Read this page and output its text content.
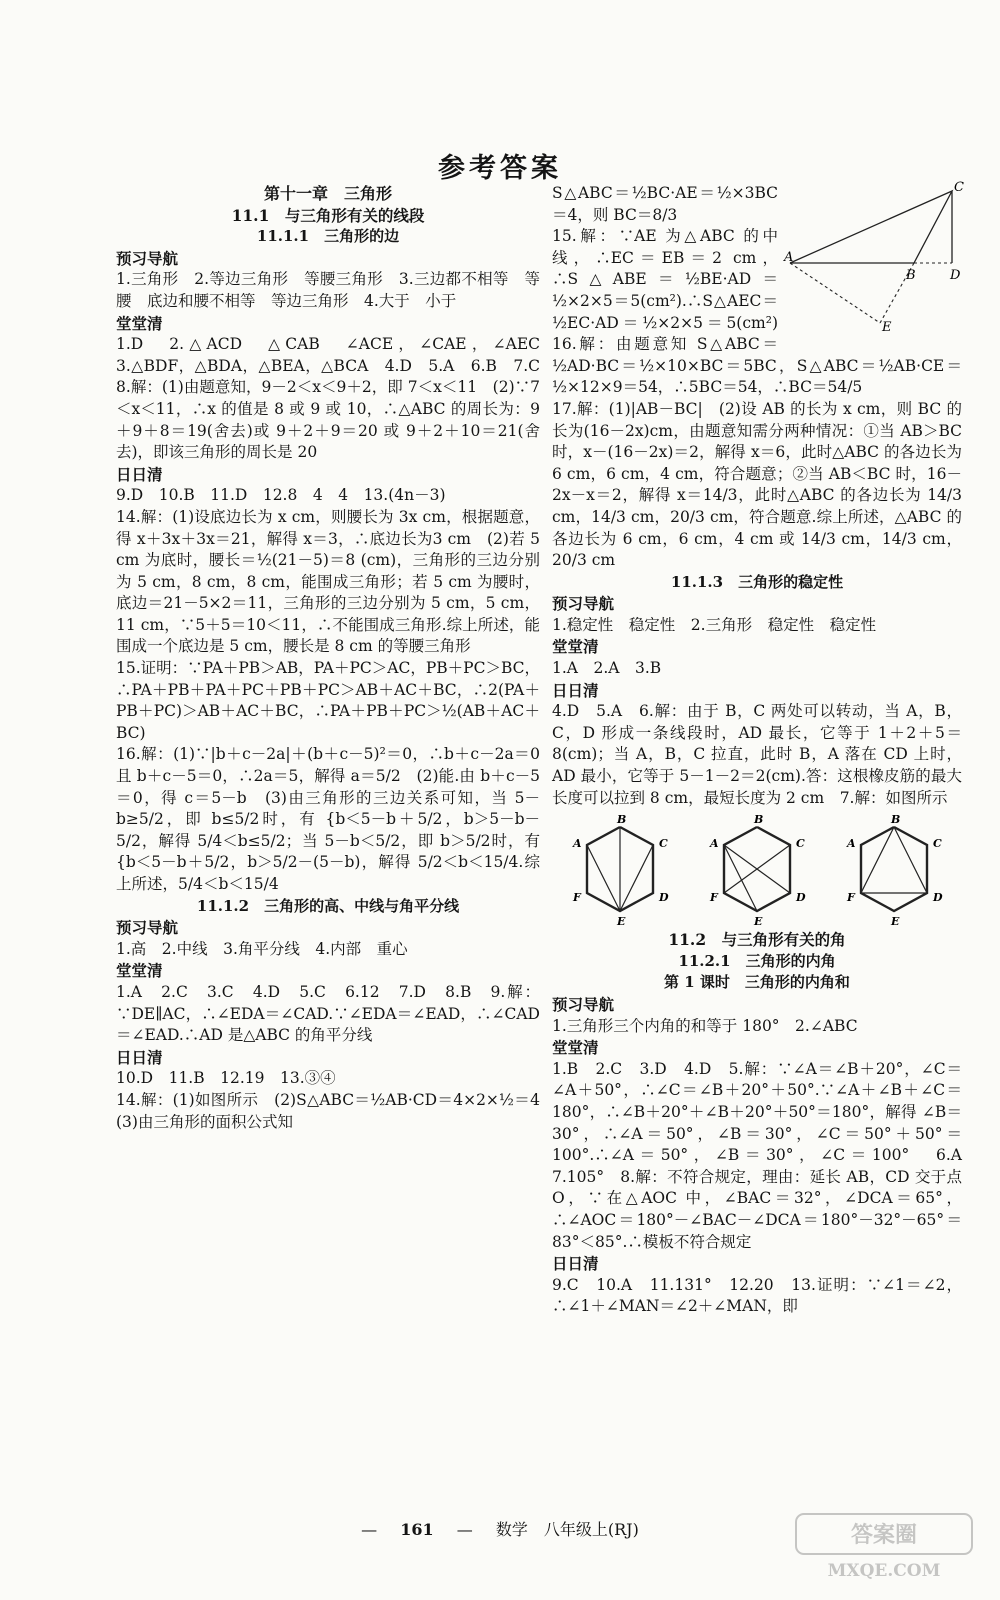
参考答案

第十一章　三角形

11.1　与三角形有关的线段

11.1.1　三角形的边

预习导航

1.三角形　2.等边三角形　等腰三角形　3.三边都不相等　等腰　底边和腰不相等　等边三角形　4.大于　小于

堂堂清

1.D　2.△ACD　△CAB　∠ACE，∠CAE，∠AEC　3.△BDF，△BDA，△BEA，△BCA　4.D　5.A　6.B　7.C　8.解：(1)由题意知，9－2＜x＜9＋2，即 7＜x＜11　(2)∵7＜x＜11，∴x 的值是 8 或 9 或 10，∴△ABC 的周长为：9＋9＋8＝19(舍去)或 9＋2＋9＝20 或 9＋2＋10＝21(舍去)，即该三角形的周长是 20

日日清

9.D　10.B　11.D　12.8　4　4　13.(4n－3)

14.解：(1)设底边长为 x cm，则腰长为 3x cm，根据题意，得 x＋3x＋3x＝21，解得 x＝3，∴底边长为3 cm　(2)若 5 cm 为底时，腰长＝½(21－5)＝8 (cm)，三角形的三边分别为 5 cm，8 cm，8 cm，能围成三角形；若 5 cm 为腰时，底边＝21－5×2＝11，三角形的三边分别为 5 cm，5 cm，11 cm，∵5＋5＝10＜11，∴不能围成三角形.综上所述，能围成一个底边是 5 cm，腰长是 8 cm 的等腰三角形

15.证明：∵PA＋PB＞AB，PA＋PC＞AC，PB＋PC＞BC，∴PA＋PB＋PA＋PC＋PB＋PC＞AB＋AC＋BC，∴2(PA＋PB＋PC)＞AB＋AC＋BC，∴PA＋PB＋PC＞½(AB＋AC＋BC)

16.解：(1)∵|b＋c－2a|＋(b＋c－5)²＝0，∴b＋c－2a＝0 且 b＋c－5＝0，∴2a＝5，解得 a＝5/2　(2)能.由 b＋c－5＝0，得 c＝5－b　(3)由三角形的三边关系可知，当 5－b≥5/2，即 b≤5/2时，有 {b＜5－b＋5/2，b＞5－b－5/2，解得 5/4＜b≤5/2；当 5－b＜5/2，即 b＞5/2时，有 {b＜5－b＋5/2，b＞5/2－(5－b)，解得 5/2＜b＜15/4.综上所述，5/4＜b＜15/4

11.1.2　三角形的高、中线与角平分线

预习导航

1.高　2.中线　3.角平分线　4.内部　重心

堂堂清

1.A　2.C　3.C　4.D　5.C　6.12　7.D　8.B　9.解：∵DE∥AC，∴∠EDA＝∠CAD.∵∠EDA＝∠EAD，∴∠CAD＝∠EAD.∴AD 是△ABC 的角平分线

日日清

10.D　11.B　12.19　13.③④

14.解：(1)如图所示　(2)S△ABC＝½AB·CD＝4×2×½＝4　(3)由三角形的面积公式知

C
A
B	D
E

S△ABC＝½BC·AE＝½×3BC＝4，则 BC＝8/3

15.解：∵AE 为△ABC 的中线，∴EC＝EB＝2 cm，∴S△ABE＝½BE·AD＝½×2×5＝5(cm²).∴S△AEC＝½EC·AD＝½×2×5＝5(cm²)　16.解：由题意知 S△ABC＝½AD·BC＝½×10×BC＝5BC，S△ABC＝½AB·CE＝½×12×9＝54，∴5BC＝54，∴BC＝54/5

17.解：(1)|AB－BC|　(2)设 AB 的长为 x cm，则 BC 的长为(16－2x)cm，由题意知需分两种情况：①当 AB＞BC 时，x－(16－2x)＝2，解得 x＝6，此时△ABC 的各边长为 6 cm，6 cm，4 cm，符合题意；②当 AB＜BC 时，16－2x－x＝2，解得 x＝14/3，此时△ABC 的各边长为 14/3 cm，14/3 cm，20/3 cm，符合题意.综上所述，△ABC 的各边长为 6 cm，6 cm，4 cm 或 14/3 cm，14/3 cm，20/3 cm

11.1.3　三角形的稳定性

预习导航

1.稳定性　稳定性　2.三角形　稳定性　稳定性

堂堂清

1.A　2.A　3.B

日日清

4.D　5.A　6.解：由于 B，C 两处可以转动，当 A，B，C，D 形成一条线段时，AD 最长，它等于 1＋2＋5＝8(cm)；当 A，B，C 拉直，此时 B，A 落在 CD 上时，AD 最小，它等于 5－1－2＝2(cm).答：这根橡皮筋的最大长度可以拉到 8 cm，最短长度为 2 cm　7.解：如图所示

B
A	C
F	D
E
B
A	C
F	D
E
B
A	C
F	D
E

11.2　与三角形有关的角

11.2.1　三角形的内角

第 1 课时　三角形的内角和

预习导航

1.三角形三个内角的和等于 180°　2.∠ABC

堂堂清

1.B　2.C　3.D　4.D　5.解：∵∠A＝∠B＋20°，∠C＝∠A＋50°，∴∠C＝∠B＋20°＋50°.∵∠A＋∠B＋∠C＝180°，∴∠B＋20°＋∠B＋20°＋50°＝180°，解得 ∠B＝30°，∴∠A＝50°，∠B＝30°，∠C＝50°＋50°＝100°.∴∠A＝50°，∠B＝30°，∠C＝100°　6.A　7.105°　8.解：不符合规定，理由：延长 AB，CD 交于点 O，∵在△AOC 中，∠BAC＝32°，∠DCA＝65°，∴∠AOC＝180°－∠BAC－∠DCA＝180°－32°－65°＝83°＜85°.∴模板不符合规定

日日清

9.C　10.A　11.131°　12.20　13.证明：∵∠1＝∠2，∴∠1＋∠MAN＝∠2＋∠MAN，即

— 161 — 数学　八年级上(RJ)	答案圈
MXQE.COM
